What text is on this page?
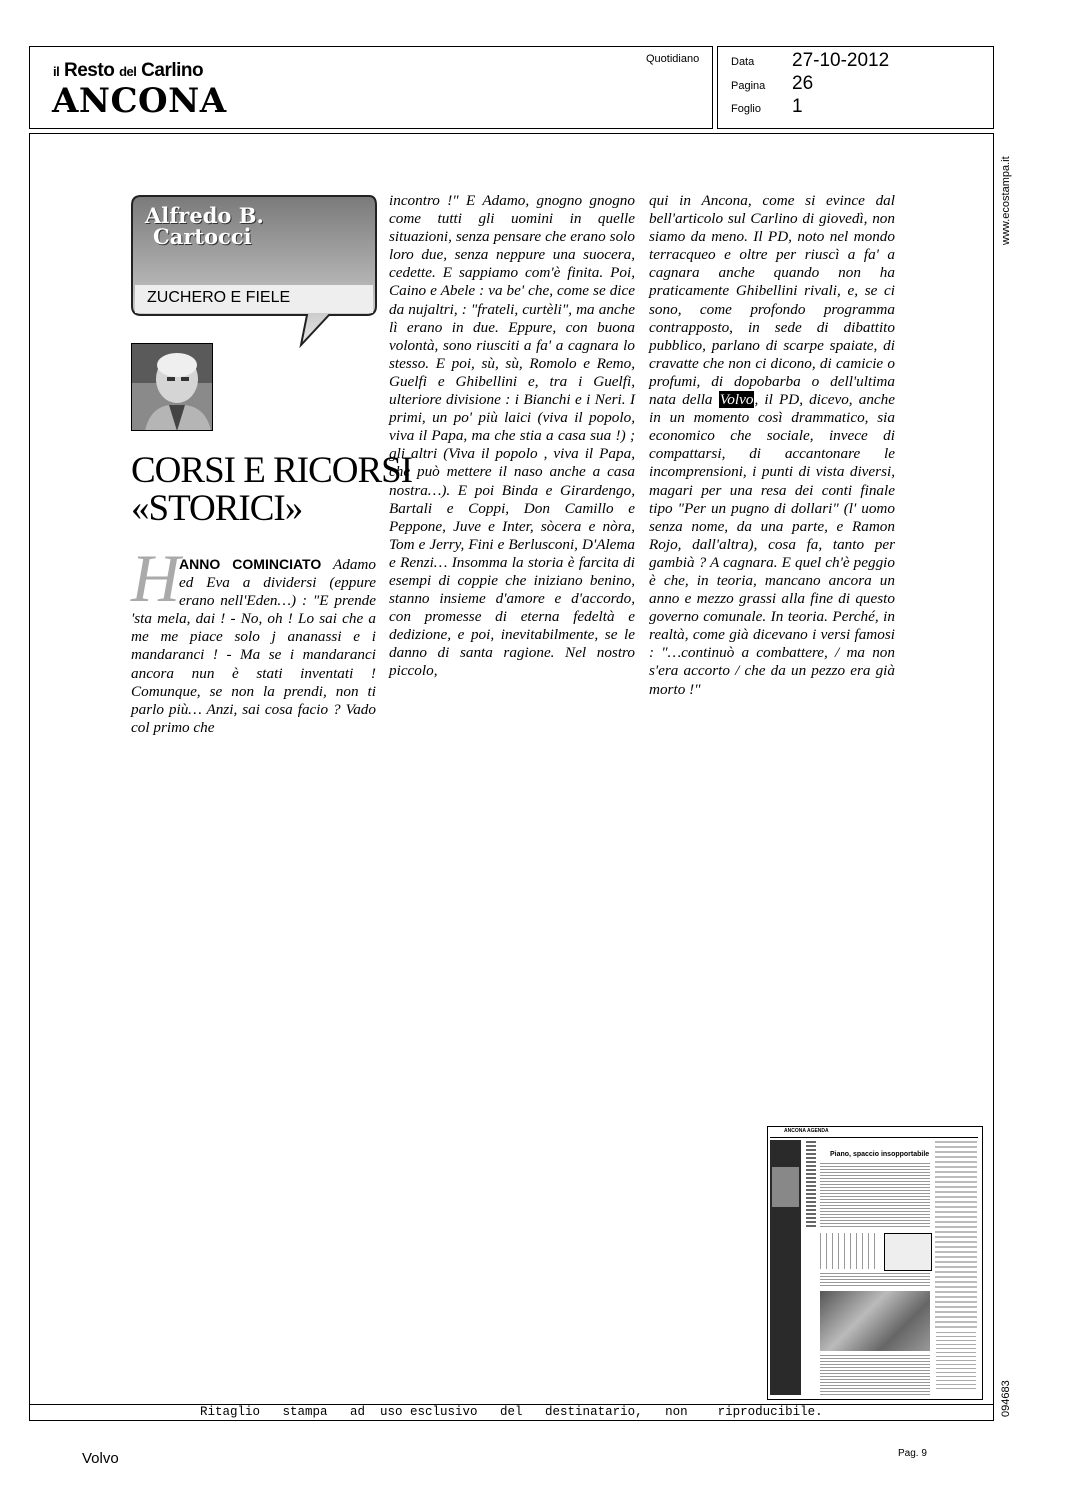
il Resto del Carlino
ANCONA
Quotidiano	Data 27-10-2012
Pagina 26
Foglio 1
www.ecostampa.it
094683
Alfredo B.
Cartocci
ZUCHERO E FIELE
CORSI E RICORSI
«STORICI»
H
ANNO COMINCIATO Adamo ed Eva a dividersi (eppure erano nell'Eden…) : "E prende 'sta mela, dai ! - No, oh ! Lo sai che a me me piace solo j ananassi e i mandaranci ! - Ma se i mandaranci ancora nun è stati inventati ! Comunque, se non la prendi, non ti parlo più… Anzi, sai cosa facio ? Vado col primo che
incontro !" E Adamo, gnogno gnogno come tutti gli uomini in quelle situazioni, senza pensare che erano solo loro due, senza neppure una suocera, cedette. E sappiamo com'è finita. Poi, Caino e Abele : va be' che, come se dice da nujaltri, : "frateli, curtèli", ma anche lì erano in due. Eppure, con buona volontà, sono riusciti a fa' a cagnara lo stesso. E poi, sù, sù, Romolo e Remo, Guelfi e Ghibellini e, tra i Guelfi, ulteriore divisione : i Bianchi e i Neri. I primi, un po' più laici (viva il popolo, viva il Papa, ma che stia a casa sua !) ; gli altri (Viva il popolo , viva il Papa, che può mettere il naso anche a casa nostra…). E poi Binda e Girardengo, Bartali e Coppi, Don Camillo e Peppone, Juve e Inter, sòcera e nòra, Tom e Jerry, Fini e Berlusconi, D'Alema e Renzi… Insomma la storia è farcita di esempi di coppie che iniziano benino, stanno insieme d'amore e d'accordo, con promesse di eterna fedeltà e dedizione, e poi, inevitabilmente, se le danno di santa ragione. Nel nostro piccolo,
qui in Ancona, come si evince dal bell'articolo sul Carlino di giovedì, non siamo da meno. Il PD, noto nel mondo terracqueo e oltre per riuscì a fa' a cagnara anche quando non ha praticamente Ghibellini rivali, e, se ci sono, come profondo programma contrapposto, in sede di dibattito pubblico, parlano di scarpe spaiate, di cravatte che non ci dicono, di camicie o profumi, di dopobarba o dell'ultima nata della Volvo, il PD, dicevo, anche in un momento così drammatico, sia economico che sociale, invece di compattarsi, di accantonare le incomprensioni, i punti di vista diversi, magari per una resa dei conti finale tipo "Per un pugno di dollari" (l' uomo senza nome, da una parte, e Ramon Rojo, dall'altra), cosa fa, tanto per gambià ? A cagnara. E quel ch'è peggio è che, in teoria, mancano ancora un anno e mezzo grassi alla fine di questo governo comunale. In teoria. Perché, in realtà, come già dicevano i versi famosi : "…continuò a combattere, / ma non s'era accorto / che da un pezzo era già morto !"
ANCONA AGENDA
Piano, spaccio insopportabile
Ritaglio   stampa   ad  uso esclusivo   del   destinatario,   non    riproducibile.
Volvo	Pag. 9
